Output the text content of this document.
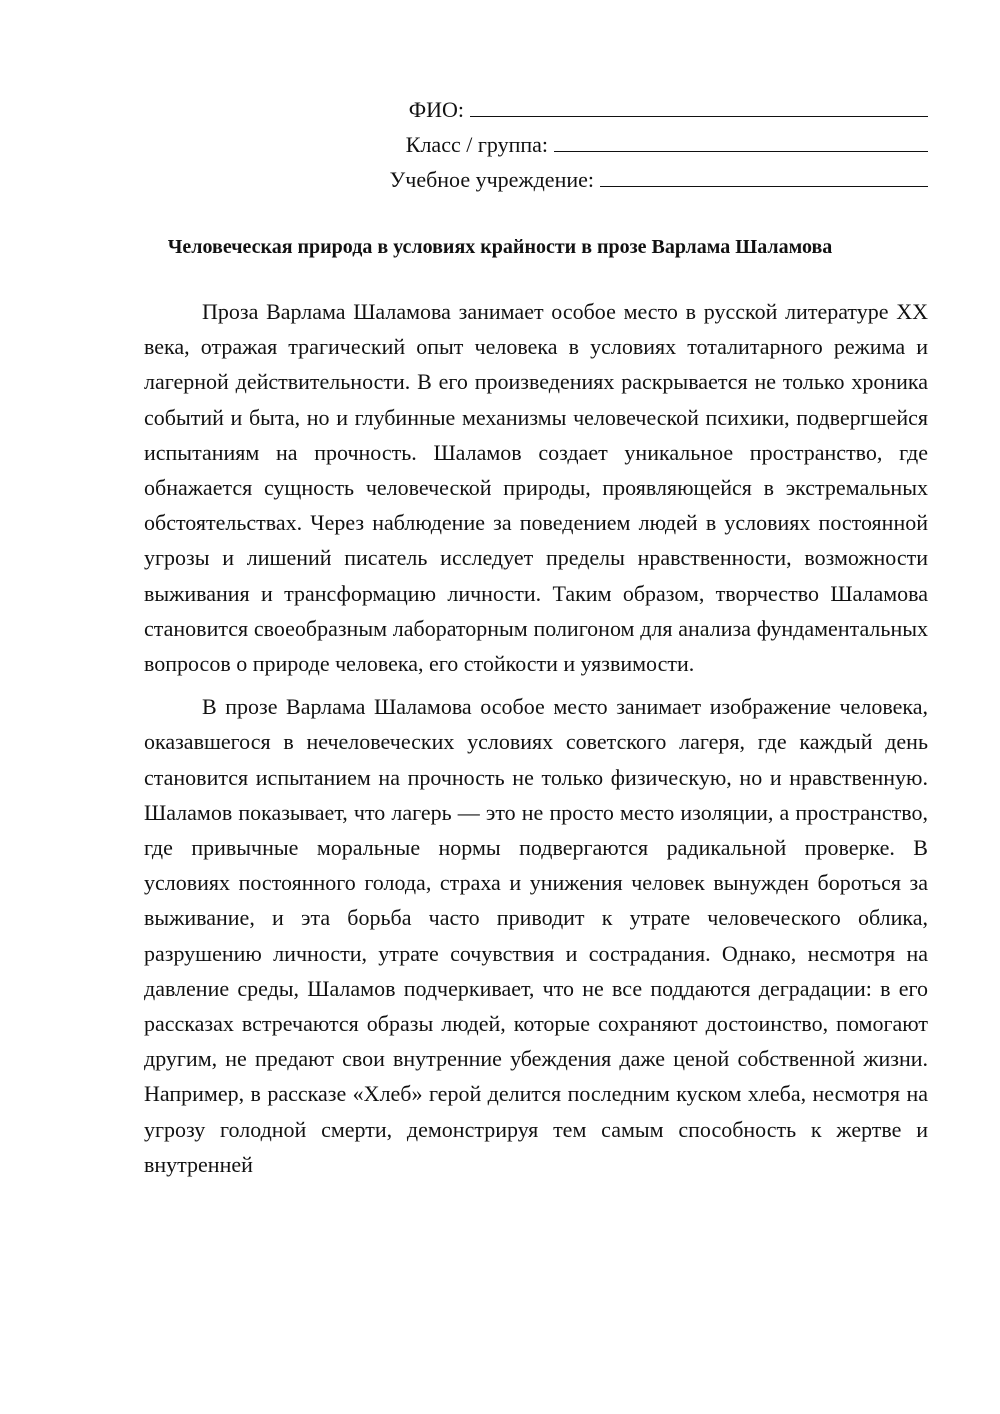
ФИО:
Класс / группа:
Учебное учреждение:
Человеческая природа в условиях крайности в прозе Варлама Шаламова

Проза Варлама Шаламова занимает особое место в русской литературе XX века, отражая трагический опыт человека в условиях тоталитарного режима и лагерной действительности. В его произведениях раскрывается не только хроника событий и быта, но и глубинные механизмы человеческой психики, подвергшейся испытаниям на прочность. Шаламов создает уникальное пространство, где обнажается сущность человеческой природы, проявляющейся в экстремальных обстоятельствах. Через наблюдение за поведением людей в условиях постоянной угрозы и лишений писатель исследует пределы нравственности, возможности выживания и трансформацию личности. Таким образом, творчество Шаламова становится своеобразным лабораторным полигоном для анализа фундаментальных вопросов о природе человека, его стойкости и уязвимости.

В прозе Варлама Шаламова особое место занимает изображение человека, оказавшегося в нечеловеческих условиях советского лагеря, где каждый день становится испытанием на прочность не только физическую, но и нравственную. Шаламов показывает, что лагерь — это не просто место изоляции, а пространство, где привычные моральные нормы подвергаются радикальной проверке. В условиях постоянного голода, страха и унижения человек вынужден бороться за выживание, и эта борьба часто приводит к утрате человеческого облика, разрушению личности, утрате сочувствия и сострадания. Однако, несмотря на давление среды, Шаламов подчеркивает, что не все поддаются деградации: в его рассказах встречаются образы людей, которые сохраняют достоинство, помогают другим, не предают свои внутренние убеждения даже ценой собственной жизни. Например, в рассказе «Хлеб» герой делится последним куском хлеба, несмотря на угрозу голодной смерти, демонстрируя тем самым способность к жертве и внутренней
